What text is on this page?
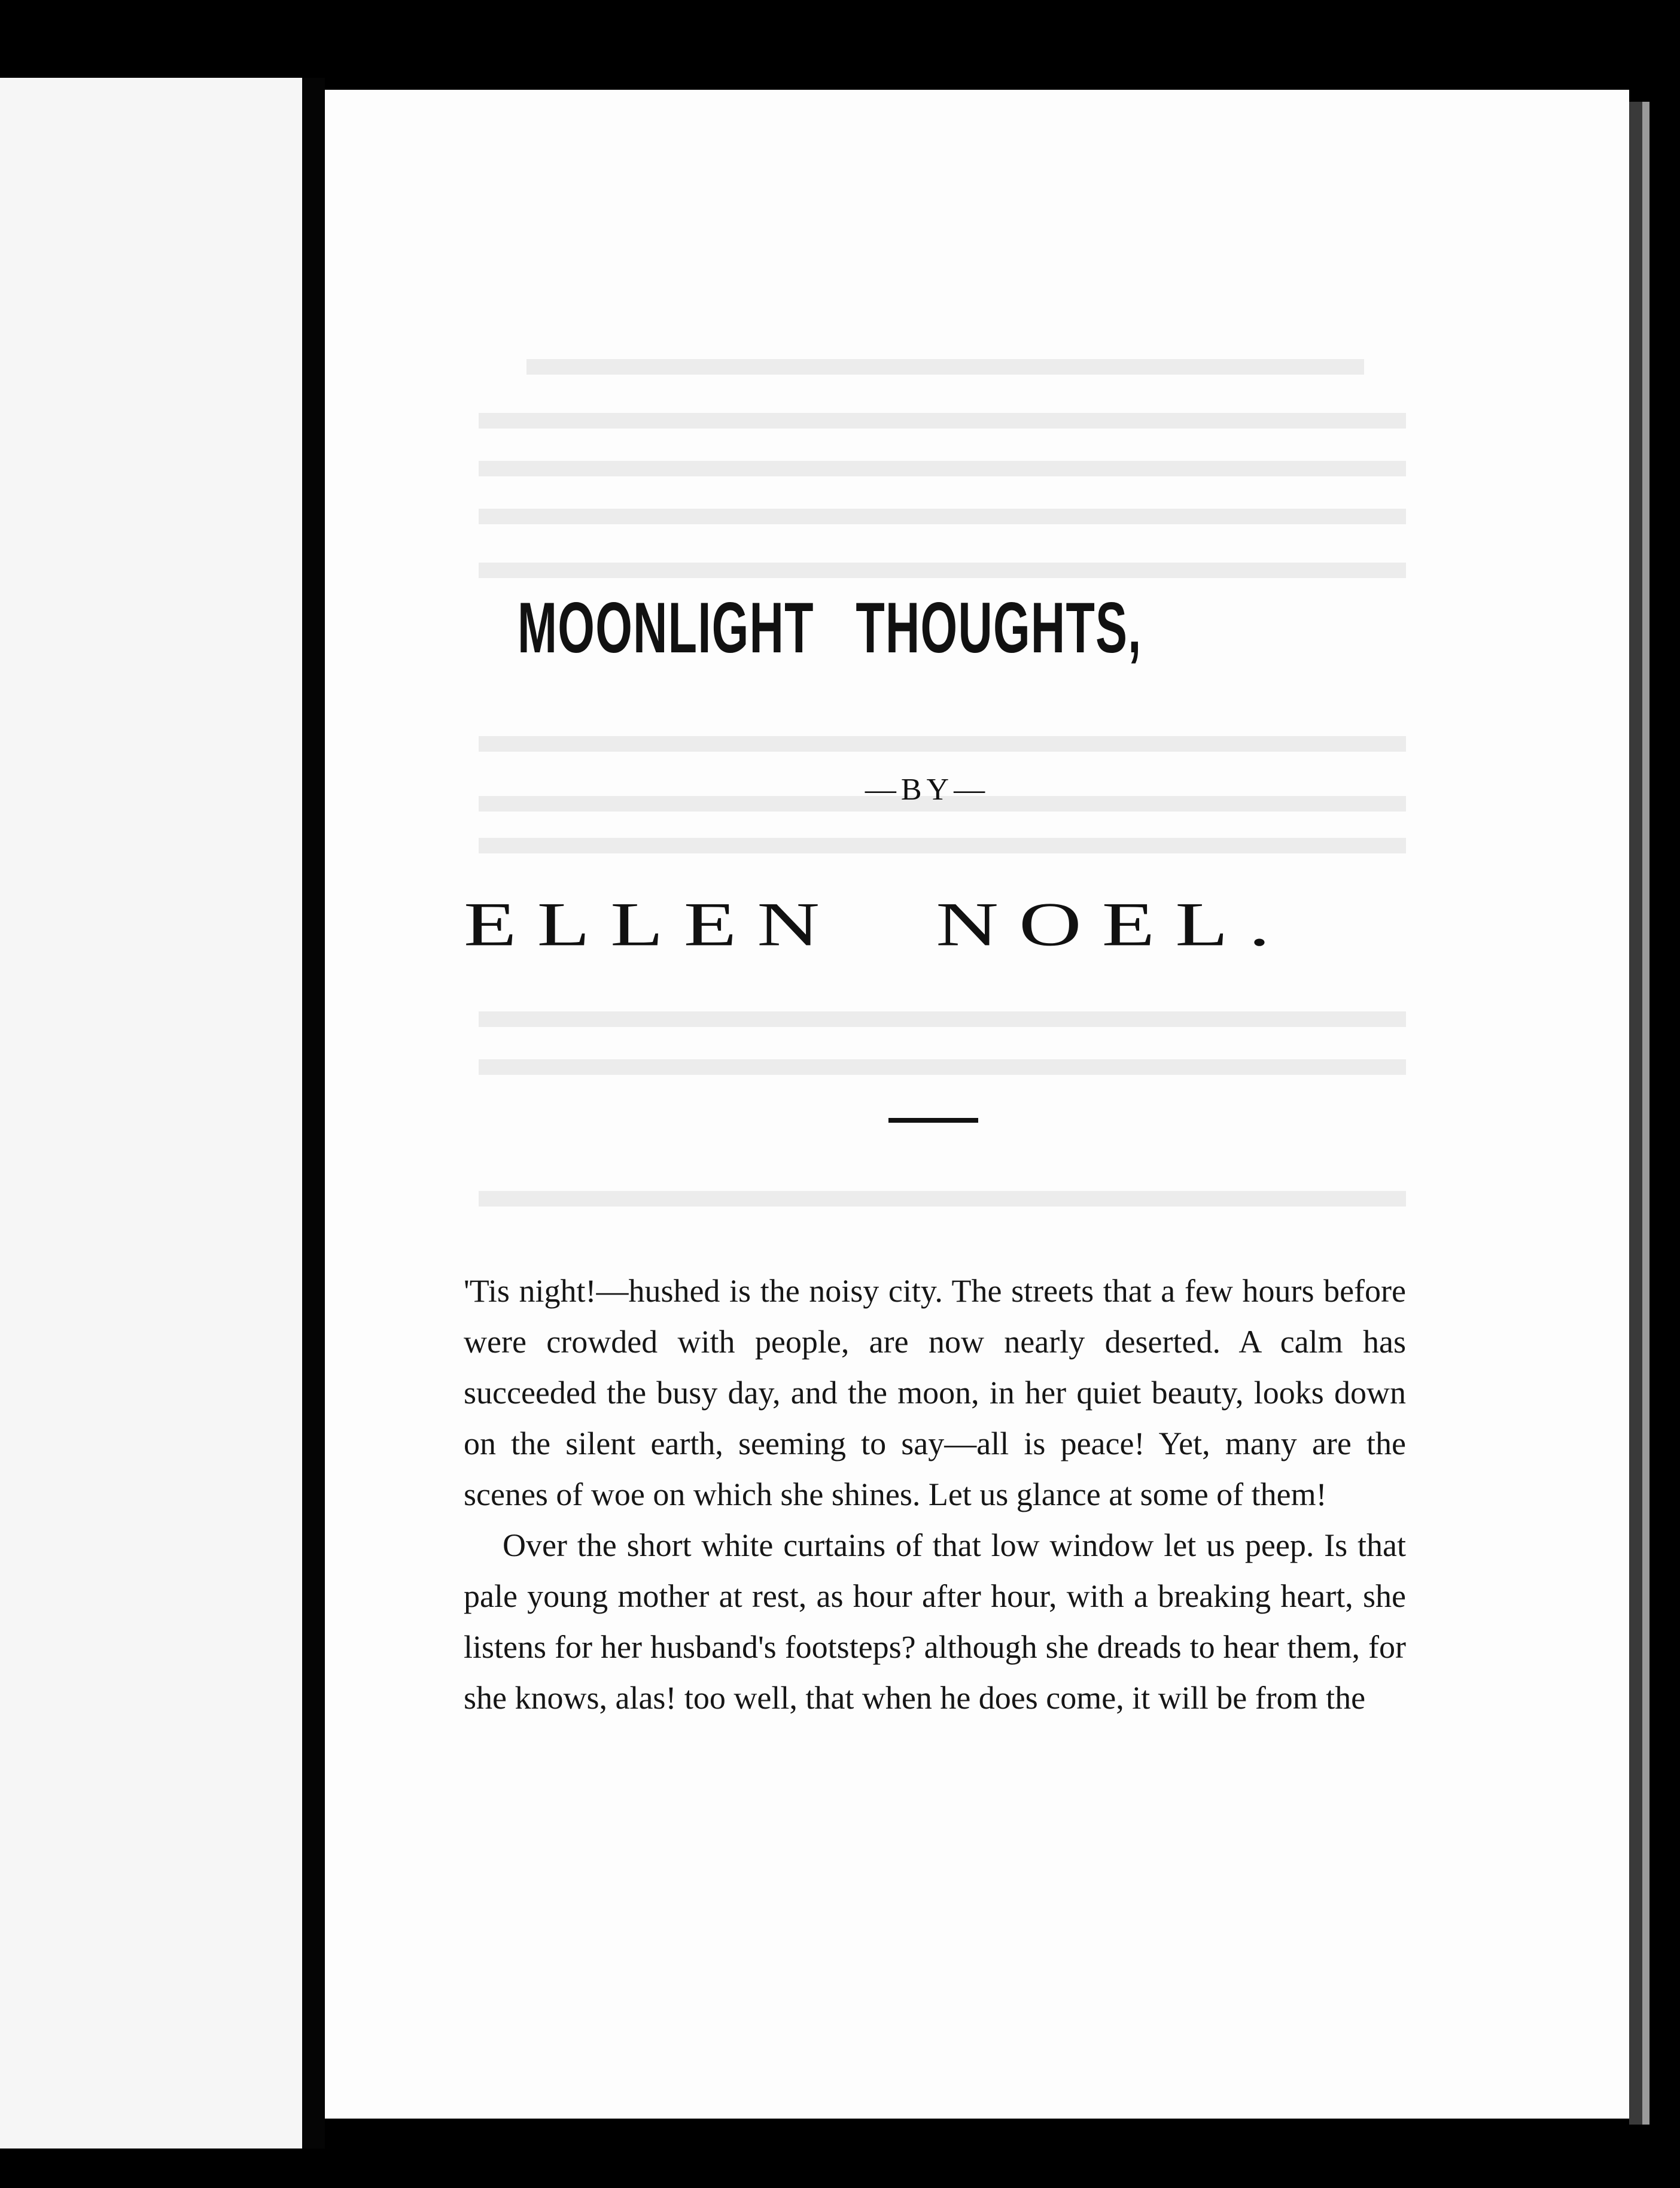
MOONLIGHT THOUGHTS,
—BY—
ELLEN NOEL.

'Tis night!—hushed is the noisy city. The streets that a few hours before were crowded with people, are now nearly deserted. A calm has succeeded the busy day, and the moon, in her quiet beauty, looks down on the silent earth, seeming to say—all is peace! Yet, many are the scenes of woe on which she shines. Let us glance at some of them!

Over the short white curtains of that low window let us peep. Is that pale young mother at rest, as hour after hour, with a breaking heart, she listens for her husband's footsteps? although she dreads to hear them, for she knows, alas! too well, that when he does come, it will be from the
